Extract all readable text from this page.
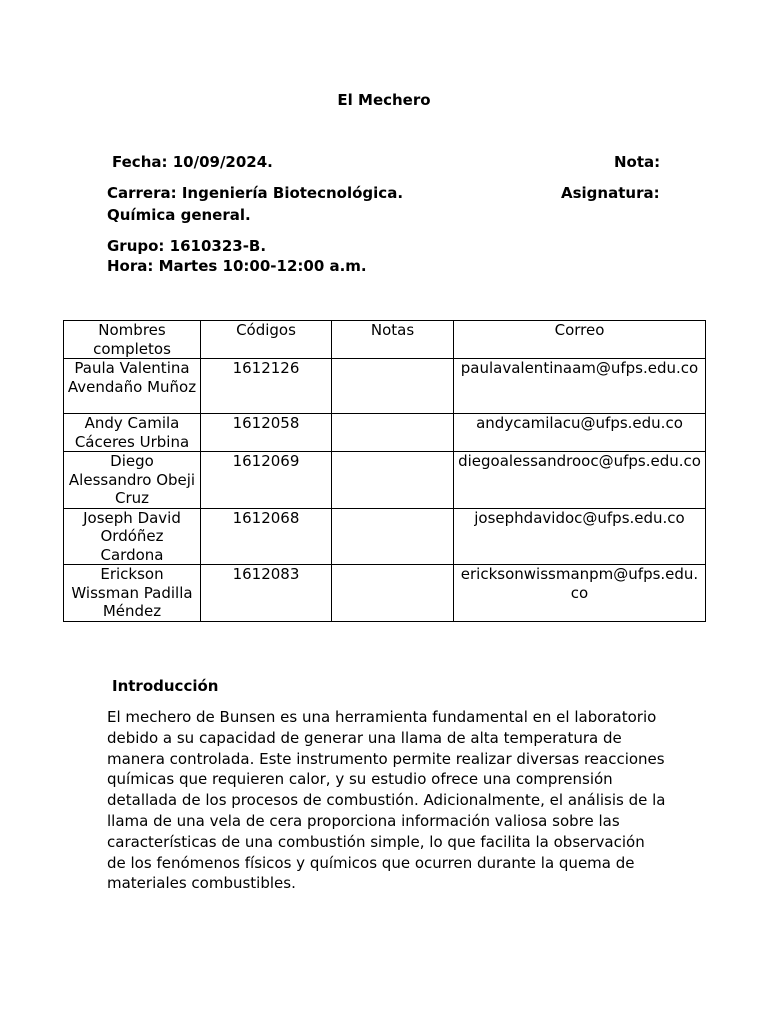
El Mechero
Fecha: 10/09/2024.	Nota:
Carrera: Ingeniería Biotecnológica.	Asignatura:
Química general.
Grupo: 1610323-B.
Hora: Martes 10:00-12:00 a.m.
Nombres completos	Códigos	Notas	Correo
Paula Valentina Avendaño Muñoz	1612126		paulavalentinaam@ufps.edu.co
Andy Camila Cáceres Urbina	1612058		andycamilacu@ufps.edu.co
Diego Alessandro Obeji Cruz	1612069		diegoalessandrooc@ufps.edu.co
Joseph David Ordóñez Cardona	1612068		josephdavidoc@ufps.edu.co
Erickson Wissman Padilla Méndez	1612083		ericksonwissmanpm@ufps.edu.co
Introducción
El mechero de Bunsen es una herramienta fundamental en el laboratorio debido a su capacidad de generar una llama de alta temperatura de manera controlada. Este instrumento permite realizar diversas reacciones químicas que requieren calor, y su estudio ofrece una comprensión detallada de los procesos de combustión. Adicionalmente, el análisis de la llama de una vela de cera proporciona información valiosa sobre las características de una combustión simple, lo que facilita la observación de los fenómenos físicos y químicos que ocurren durante la quema de materiales combustibles.
